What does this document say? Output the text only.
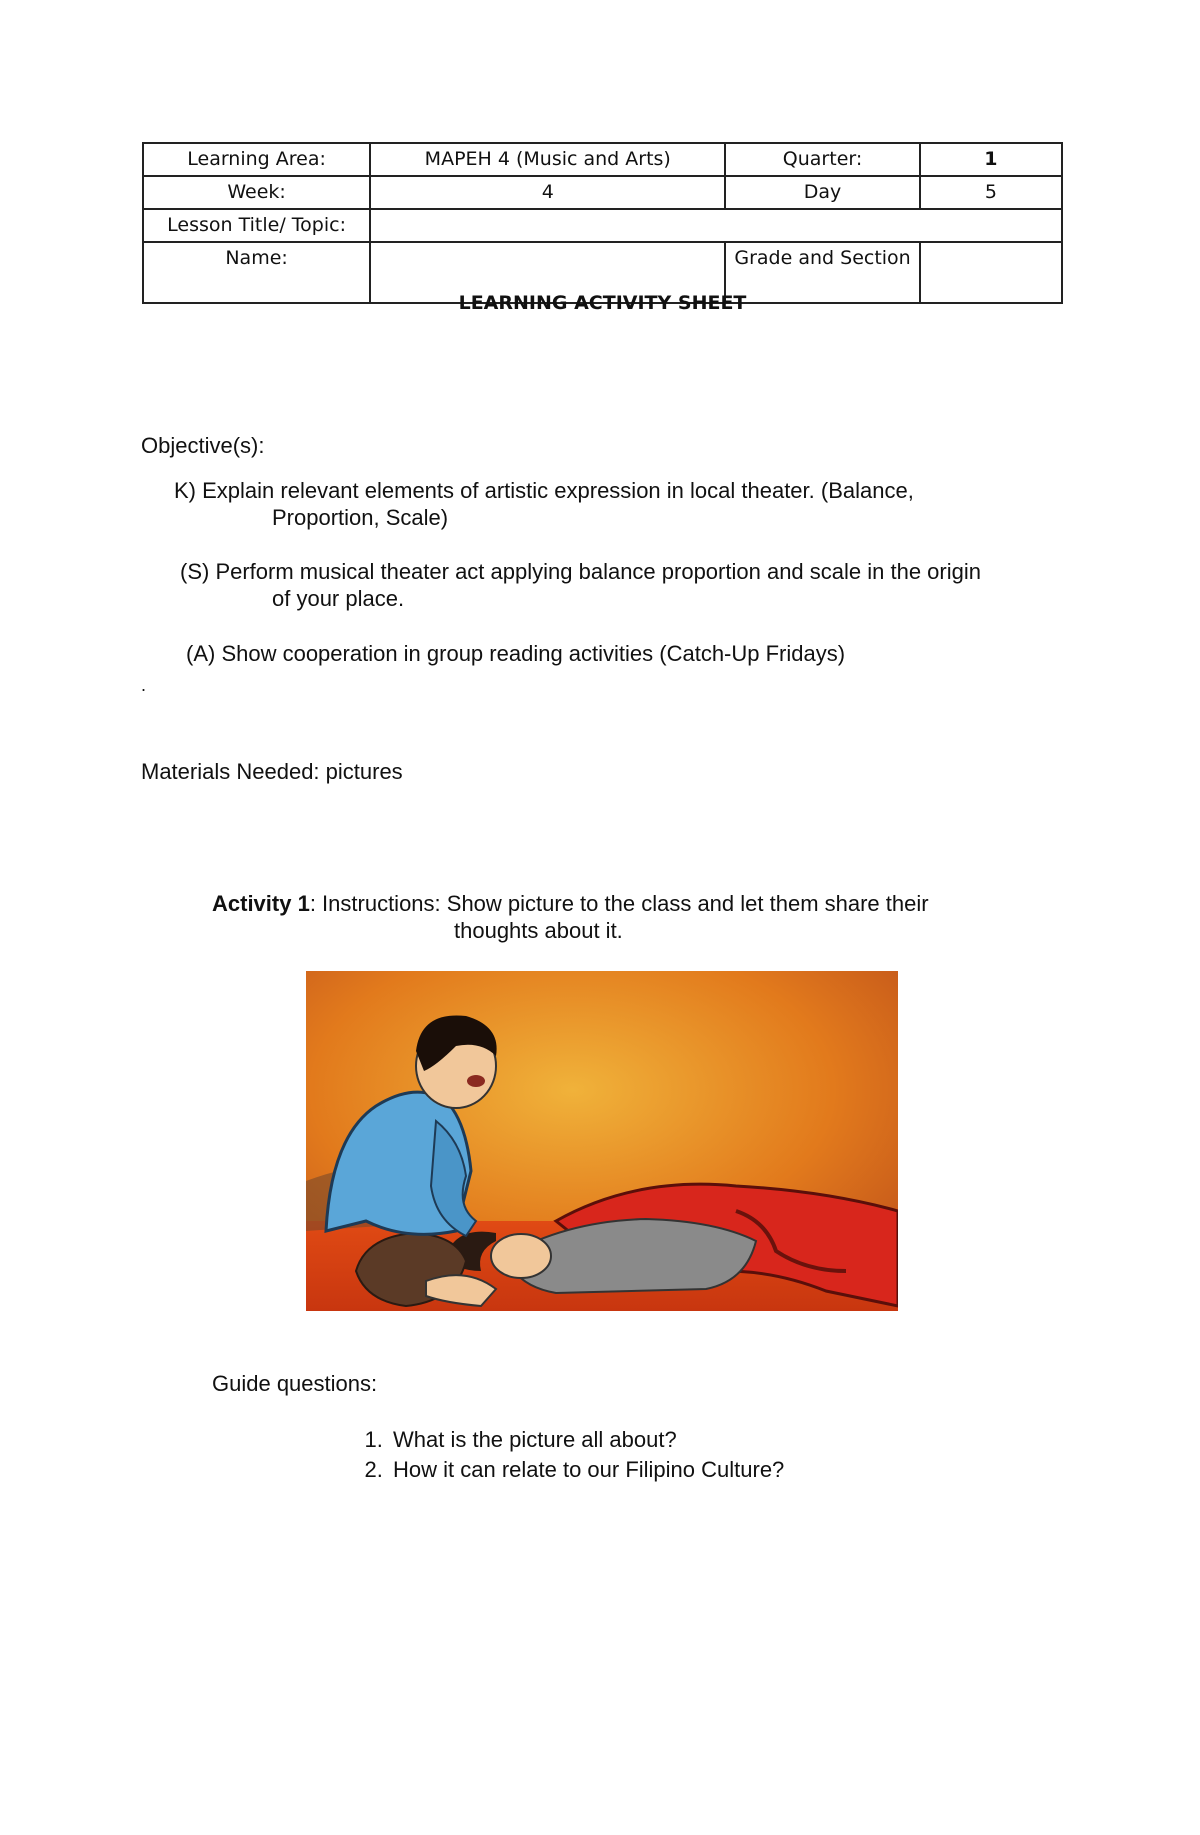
Learning Area:	MAPEH 4 (Music and Arts)	Quarter:	1
Week:	4	Day	5
Lesson Title/ Topic:			
Name:		Grade and Section	
LEARNING ACTIVITY SHEET
Objective(s):
K) Explain relevant elements of artistic expression in local theater. (Balance,
Proportion, Scale)
(S) Perform musical theater act applying balance proportion and scale in the origin
of your place.
(A) Show cooperation in group reading activities (Catch-Up Fridays)
.
Materials Needed: pictures
Activity 1: Instructions: Show picture to the class and let them share their
thoughts about it.
Guide questions:
1. What is the picture all about?
2. How it can relate to our Filipino Culture?
